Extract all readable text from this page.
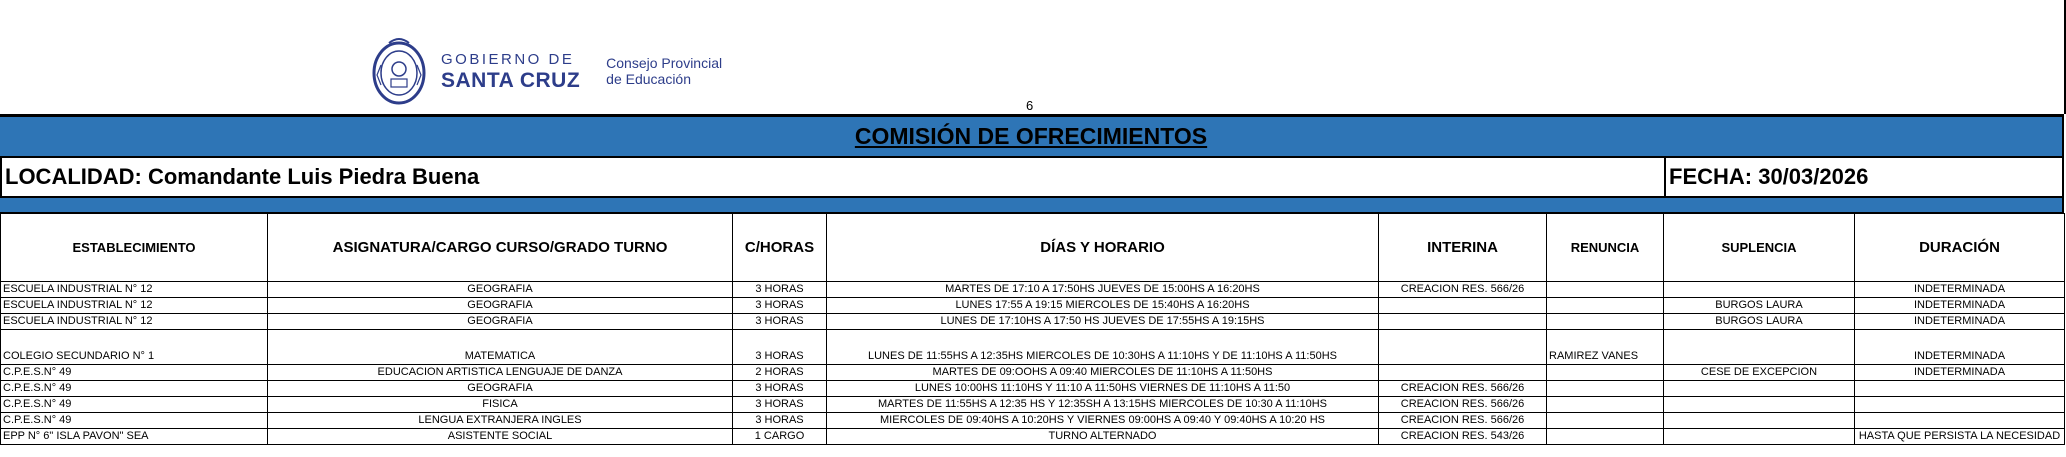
GOBIERNO DE
SANTA CRUZ
Consejo Provincial
de Educación
6
COMISIÓN DE OFRECIMIENTOS
LOCALIDAD: Comandante Luis Piedra Buena	FECHA: 30/03/2026
ESTABLECIMIENTO	ASIGNATURA/CARGO CURSO/GRADO TURNO	C/HORAS	DÍAS Y HORARIO	INTERINA	RENUNCIA	SUPLENCIA	DURACIÓN
ESCUELA INDUSTRIAL N° 12	GEOGRAFIA	3 HORAS	MARTES DE 17:10 A 17:50HS JUEVES DE 15:00HS A 16:20HS	CREACION RES. 566/26			INDETERMINADA
ESCUELA INDUSTRIAL N° 12	GEOGRAFIA	3 HORAS	LUNES 17:55 A 19:15 MIERCOLES DE 15:40HS A 16:20HS			BURGOS LAURA	INDETERMINADA
ESCUELA INDUSTRIAL N° 12	GEOGRAFIA	3 HORAS	LUNES DE 17:10HS A 17:50 HS JUEVES DE 17:55HS A 19:15HS			BURGOS LAURA	INDETERMINADA
COLEGIO SECUNDARIO N° 1	MATEMATICA	3 HORAS	LUNES DE 11:55HS A 12:35HS MIERCOLES DE 10:30HS A 11:10HS Y DE 11:10HS A 11:50HS		RAMIREZ VANES		INDETERMINADA
C.P.E.S.N° 49	EDUCACION ARTISTICA LENGUAJE DE DANZA	2 HORAS	MARTES DE 09:OOHS A 09:40 MIERCOLES DE 11:10HS A 11:50HS			CESE DE EXCEPCION	INDETERMINADA
C.P.E.S.N° 49	GEOGRAFIA	3 HORAS	LUNES 10:00HS 11:10HS Y 11:10 A 11:50HS VIERNES DE 11:10HS A 11:50	CREACION RES. 566/26			
C.P.E.S.N° 49	FISICA	3 HORAS	MARTES DE 11:55HS A 12:35 HS Y 12:35SH A 13:15HS MIERCOLES DE 10:30 A 11:10HS	CREACION RES. 566/26			
C.P.E.S.N° 49	LENGUA EXTRANJERA INGLES	3 HORAS	MIERCOLES DE 09:40HS A 10:20HS Y VIERNES 09:00HS A 09:40 Y 09:40HS A 10:20 HS	CREACION RES. 566/26			
EPP N° 6" ISLA PAVON" SEA	ASISTENTE SOCIAL	1 CARGO	TURNO ALTERNADO	CREACION RES. 543/26			HASTA QUE PERSISTA LA NECESIDAD
